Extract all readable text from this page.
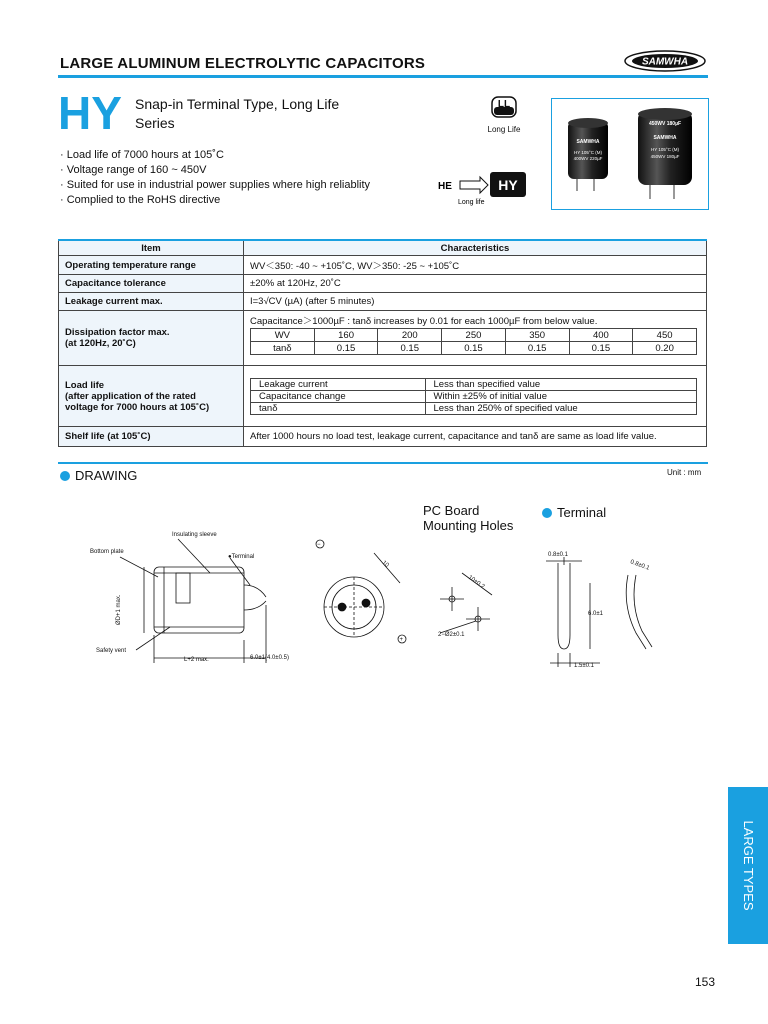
LARGE ALUMINUM ELECTROLYTIC CAPACITORS	SAMWHA
HY Snap-in Terminal Type, Long Life
Series
· Load life of 7000 hours at 105˚C
· Voltage range of 160 ~ 450V
· Suited for use in industrial power supplies where high reliablity
· Complied to the RoHS directive
LL
Long Life
HE	HY
Long life
SAMWHA
HY 105°C (M)
400WV 220µF
450WV 180µF
SAMWHA
HY 105°C (M)
450WV 180µF
Item	Characteristics
Operating temperature range	WV＜350: -40 ~ +105˚C, WV＞350: -25 ~ +105˚C
Capacitance tolerance	±20% at 120Hz, 20˚C
Leakage current max.	I=3√CV (µA) (after 5 minutes)

Dissipation factor max.
(at 120Hz, 20˚C)

Capacitance＞1000µF : tanδ increases by 0.01 for each 1000µF from below value.
WV	160	200	250	350	400	450
tanδ	0.15	0.15	0.15	0.15	0.15	0.20

Load life
(after application of the rated
voltage for 7000 hours at 105˚C)

Leakage current	Less than specified value
Capacitance change	Within ±25% of initial value
tanδ	Less than 250% of specified value

Shelf life (at 105˚C)	After 1000 hours no load test, leakage current, capacitance and tanδ are same as load life value.
DRAWING	Unit : mm
PC Board
Mounting Holes
Terminal
Insulating sleeve
Bottom plate
●Terminal
ØD+1 max.
Safety vent
L+2 max.	6.0±1(4.0±0.5)
−
+
10
10±0.2
2−Ø2±0.1
0.8±0.1
6.0±1
1.5±0.1
0.8±0.1
LARGE TYPES
153
